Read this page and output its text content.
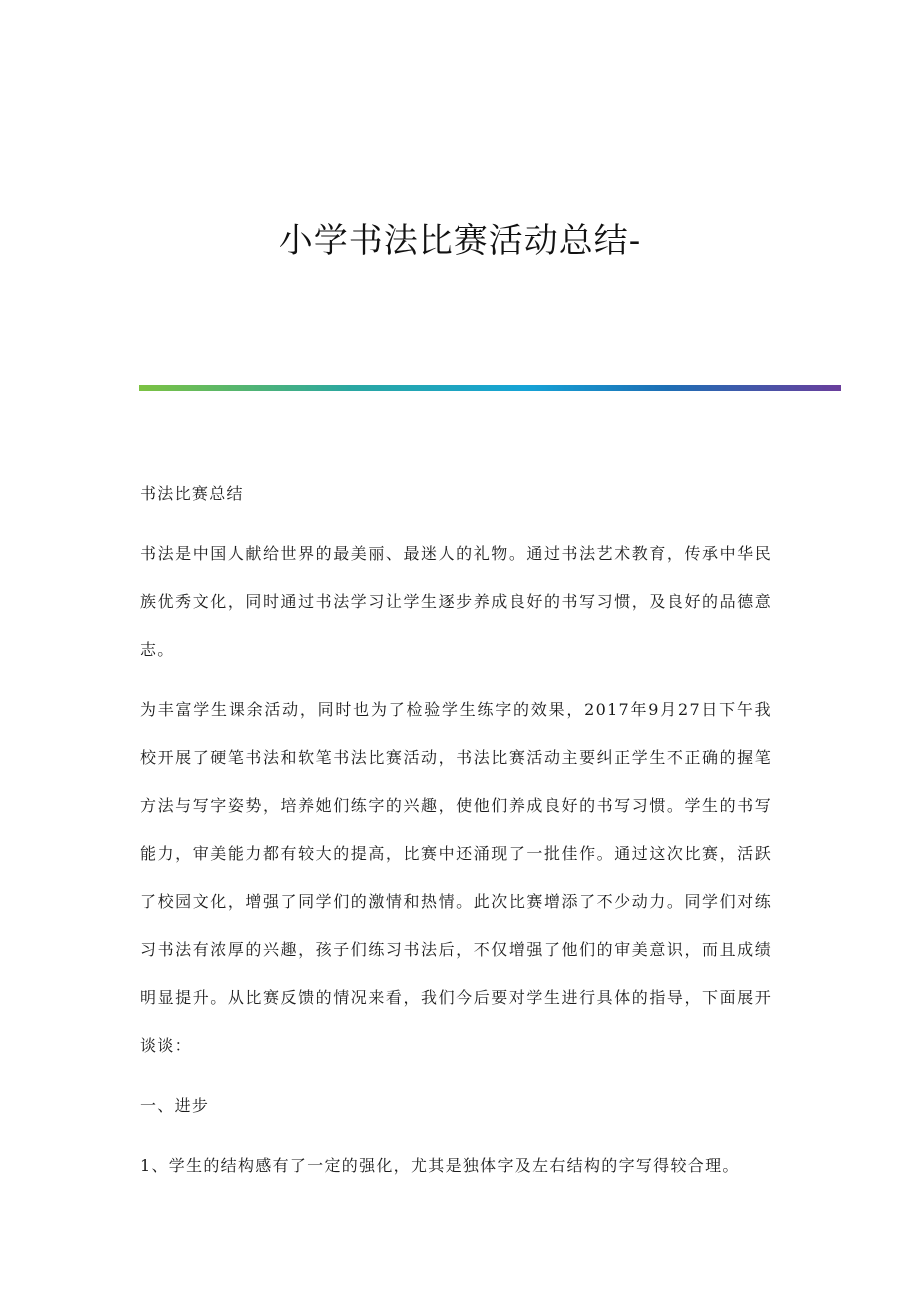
小学书法比赛活动总结-

书法比赛总结

书法是中国人献给世界的最美丽、最迷人的礼物。通过书法艺术教育，传承中华民族优秀文化，同时通过书法学习让学生逐步养成良好的书写习惯，及良好的品德意志。

为丰富学生课余活动，同时也为了检验学生练字的效果，2017年9月27日下午我校开展了硬笔书法和软笔书法比赛活动，书法比赛活动主要纠正学生不正确的握笔方法与写字姿势，培养她们练字的兴趣，使他们养成良好的书写习惯。学生的书写能力，审美能力都有较大的提高，比赛中还涌现了一批佳作。通过这次比赛，活跃了校园文化，增强了同学们的激情和热情。此次比赛增添了不少动力。同学们对练习书法有浓厚的兴趣，孩子们练习书法后，不仅增强了他们的审美意识，而且成绩明显提升。从比赛反馈的情况来看，我们今后要对学生进行具体的指导，下面展开谈谈：

一、进步

1、学生的结构感有了一定的强化，尤其是独体字及左右结构的字写得较合理。
